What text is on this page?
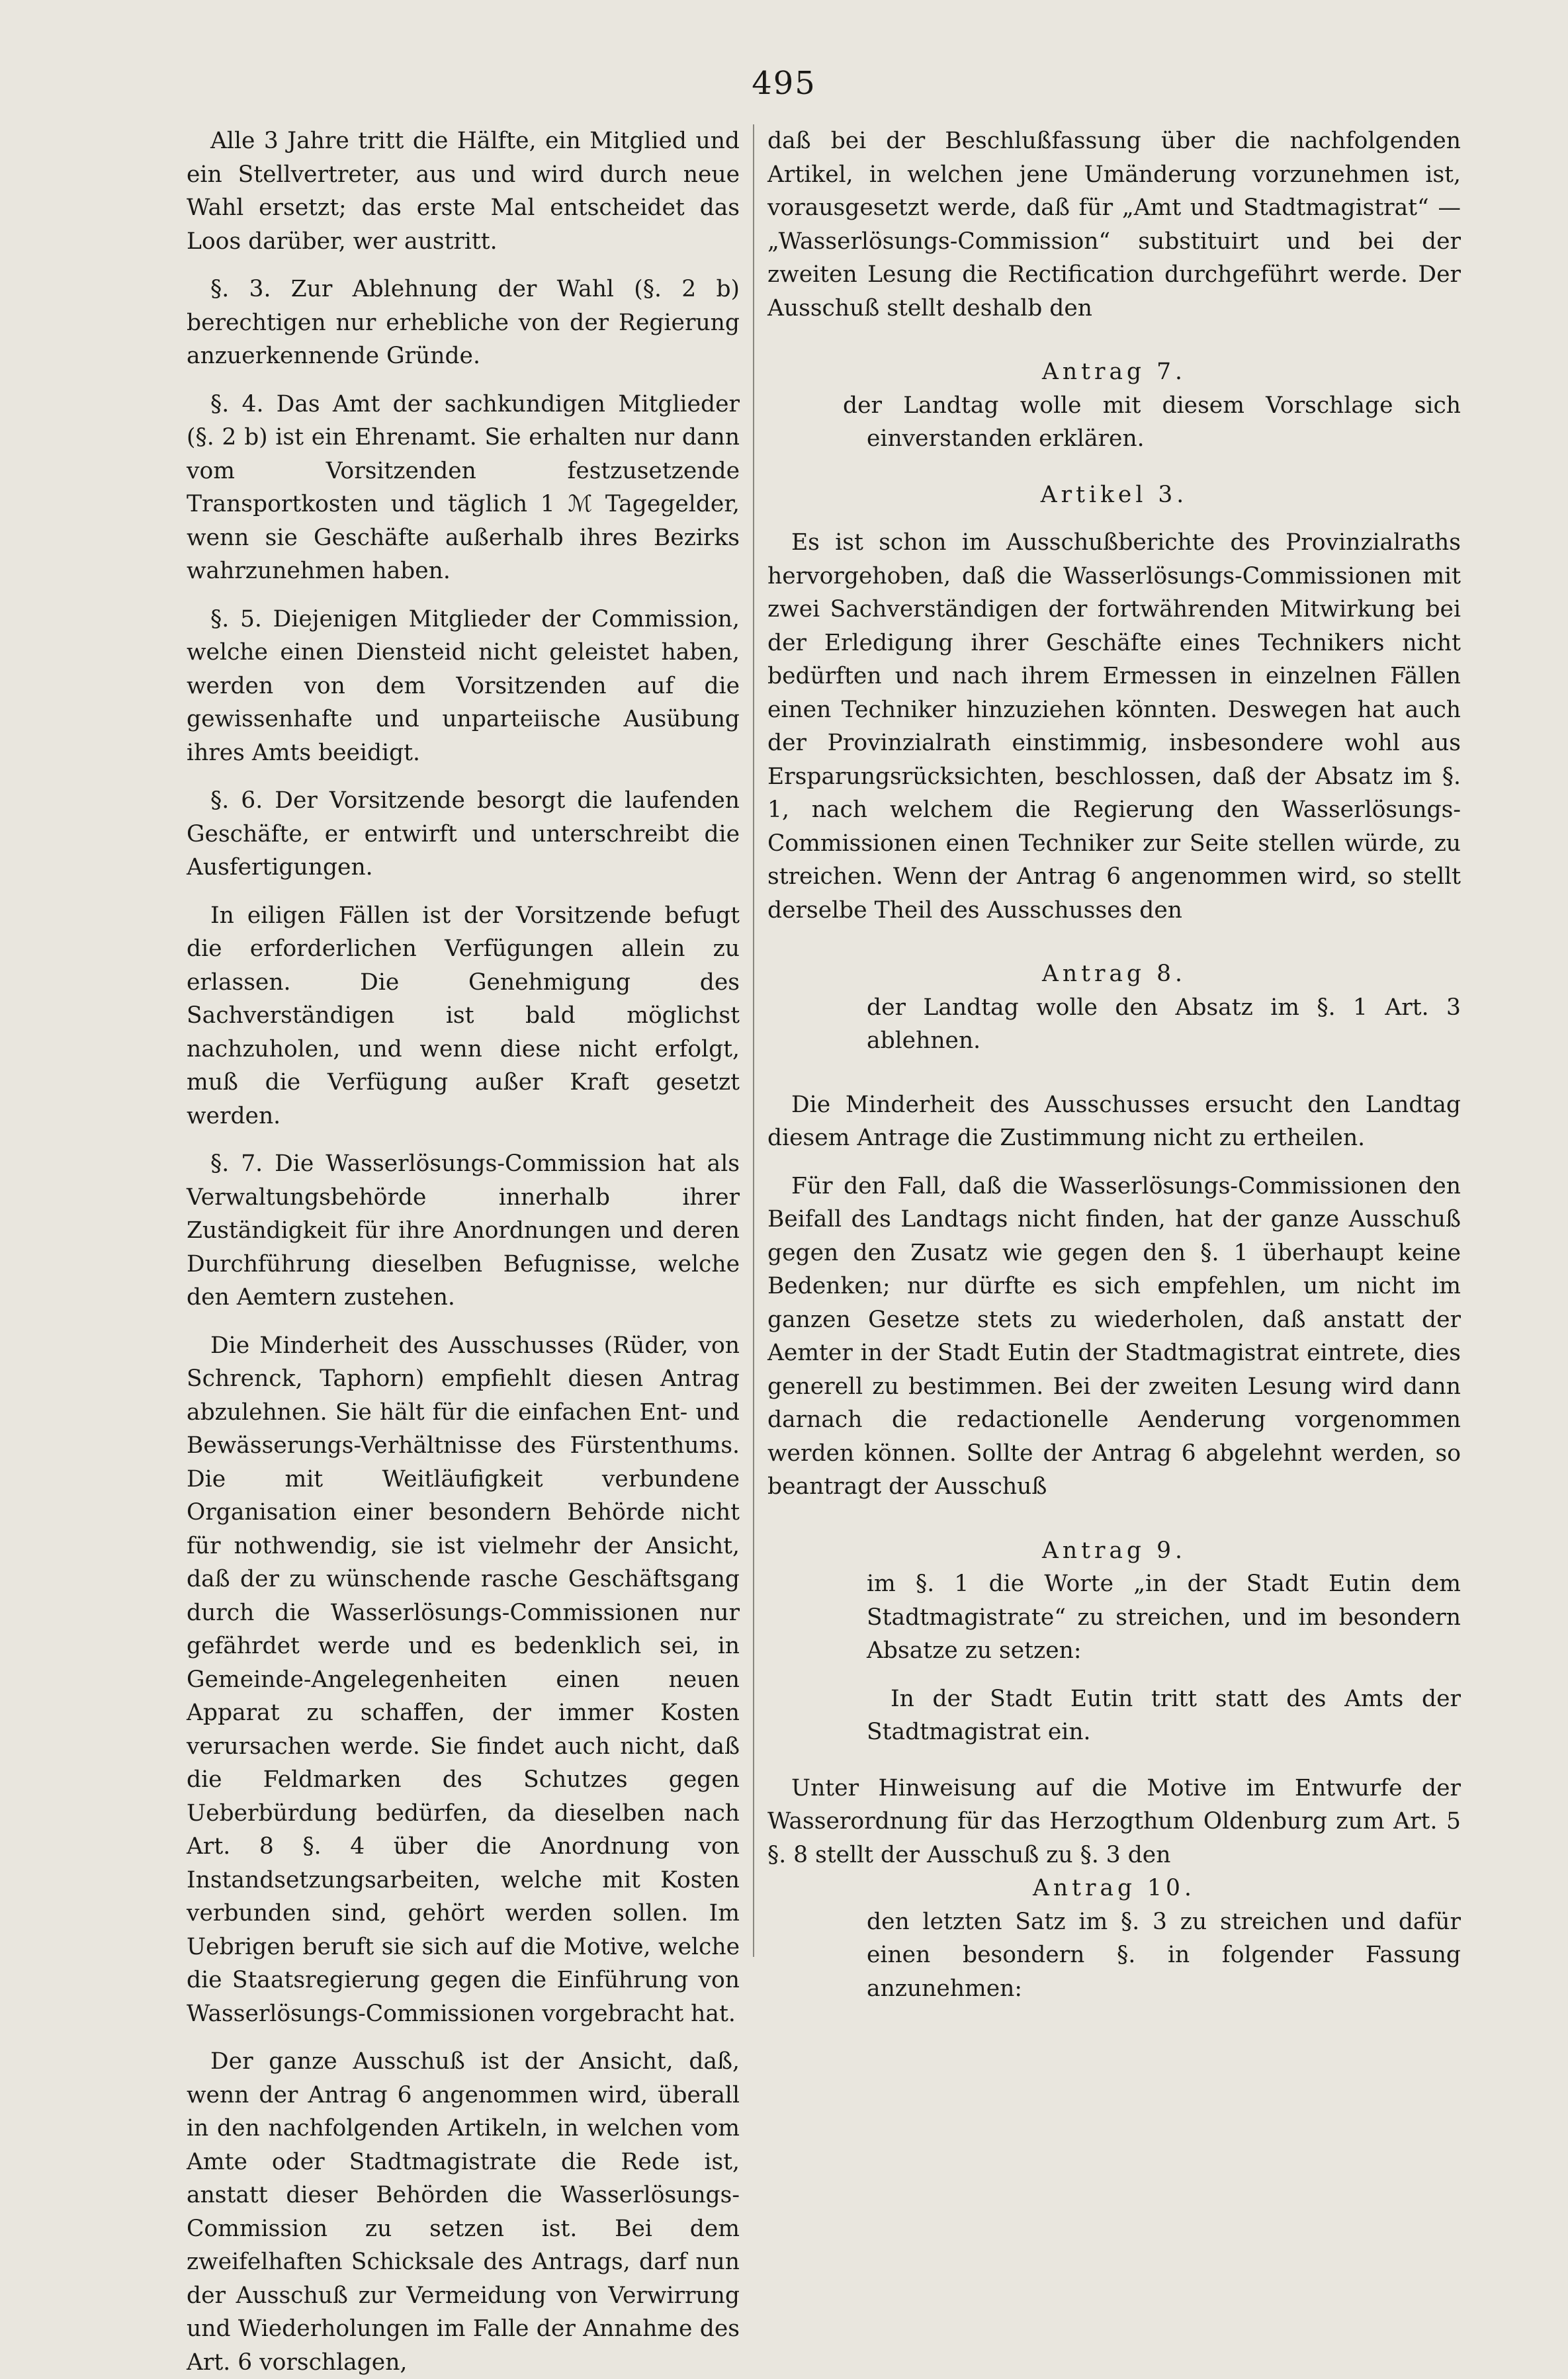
495

Alle 3 Jahre tritt die Hälfte, ein Mitglied und ein Stellvertreter, aus und wird durch neue Wahl ersetzt; das erste Mal entscheidet das Loos darüber, wer austritt.

§. 3. Zur Ablehnung der Wahl (§. 2 b) berechtigen nur erhebliche von der Regierung anzuerkennende Gründe.

§. 4. Das Amt der sachkundigen Mitglieder (§. 2 b) ist ein Ehrenamt. Sie erhalten nur dann vom Vorsitzenden festzusetzende Transportkosten und täglich 1 ℳ Tagegelder, wenn sie Geschäfte außerhalb ihres Bezirks wahrzunehmen haben.

§. 5. Diejenigen Mitglieder der Commission, welche einen Diensteid nicht geleistet haben, werden von dem Vorsitzenden auf die gewissenhafte und unparteiische Ausübung ihres Amts beeidigt.

§. 6. Der Vorsitzende besorgt die laufenden Geschäfte, er entwirft und unterschreibt die Ausfertigungen.

In eiligen Fällen ist der Vorsitzende befugt die erforderlichen Verfügungen allein zu erlassen. Die Genehmigung des Sachverständigen ist bald möglichst nachzuholen, und wenn diese nicht erfolgt, muß die Verfügung außer Kraft gesetzt werden.

§. 7. Die Wasserlösungs-Commission hat als Verwaltungsbehörde innerhalb ihrer Zuständigkeit für ihre Anordnungen und deren Durchführung dieselben Befugnisse, welche den Aemtern zustehen.

Die Minderheit des Ausschusses (Rüder, von Schrenck, Taphorn) empfiehlt diesen Antrag abzulehnen. Sie hält für die einfachen Ent- und Bewässerungs-Verhältnisse des Fürstenthums. Die mit Weitläufigkeit verbundene Organisation einer besondern Behörde nicht für nothwendig, sie ist vielmehr der Ansicht, daß der zu wünschende rasche Geschäftsgang durch die Wasserlösungs-Commissionen nur gefährdet werde und es bedenklich sei, in Gemeinde-Angelegenheiten einen neuen Apparat zu schaffen, der immer Kosten verursachen werde. Sie findet auch nicht, daß die Feldmarken des Schutzes gegen Ueberbürdung bedürfen, da dieselben nach Art. 8 §. 4 über die Anordnung von Instandsetzungsarbeiten, welche mit Kosten verbunden sind, gehört werden sollen. Im Uebrigen beruft sie sich auf die Motive, welche die Staatsregierung gegen die Einführung von Wasserlösungs-Commissionen vorgebracht hat.

Der ganze Ausschuß ist der Ansicht, daß, wenn der Antrag 6 angenommen wird, überall in den nachfolgenden Artikeln, in welchen vom Amte oder Stadtmagistrate die Rede ist, anstatt dieser Behörden die Wasserlösungs-Commission zu setzen ist. Bei dem zweifelhaften Schicksale des Antrags, darf nun der Ausschuß zur Vermeidung von Verwirrung und Wiederholungen im Falle der Annahme des Art. 6 vorschlagen,

daß bei der Beschlußfassung über die nachfolgenden Artikel, in welchen jene Umänderung vorzunehmen ist, vorausgesetzt werde, daß für „Amt und Stadtmagistrat“ — „Wasserlösungs-Commission“ substituirt und bei der zweiten Lesung die Rectification durchgeführt werde. Der Ausschuß stellt deshalb den

Antrag 7.

der Landtag wolle mit diesem Vorschlage sich einverstanden erklären.

Artikel 3.

Es ist schon im Ausschußberichte des Provinzialraths hervorgehoben, daß die Wasserlösungs-Commissionen mit zwei Sachverständigen der fortwährenden Mitwirkung bei der Erledigung ihrer Geschäfte eines Technikers nicht bedürften und nach ihrem Ermessen in einzelnen Fällen einen Techniker hinzuziehen könnten. Deswegen hat auch der Provinzialrath einstimmig, insbesondere wohl aus Ersparungsrücksichten, beschlossen, daß der Absatz im §. 1, nach welchem die Regierung den Wasserlösungs-Commissionen einen Techniker zur Seite stellen würde, zu streichen. Wenn der Antrag 6 angenommen wird, so stellt derselbe Theil des Ausschusses den

Antrag 8.

der Landtag wolle den Absatz im §. 1 Art. 3 ablehnen.

Die Minderheit des Ausschusses ersucht den Landtag diesem Antrage die Zustimmung nicht zu ertheilen.

Für den Fall, daß die Wasserlösungs-Commissionen den Beifall des Landtags nicht finden, hat der ganze Ausschuß gegen den Zusatz wie gegen den §. 1 überhaupt keine Bedenken; nur dürfte es sich empfehlen, um nicht im ganzen Gesetze stets zu wiederholen, daß anstatt der Aemter in der Stadt Eutin der Stadtmagistrat eintrete, dies generell zu bestimmen. Bei der zweiten Lesung wird dann darnach die redactionelle Aenderung vorgenommen werden können. Sollte der Antrag 6 abgelehnt werden, so beantragt der Ausschuß

Antrag 9.

im §. 1 die Worte „in der Stadt Eutin dem Stadtmagistrate“ zu streichen, und im besondern Absatze zu setzen:

In der Stadt Eutin tritt statt des Amts der Stadtmagistrat ein.

Unter Hinweisung auf die Motive im Entwurfe der Wasserordnung für das Herzogthum Oldenburg zum Art. 5 §. 8 stellt der Ausschuß zu §. 3 den

Antrag 10.

den letzten Satz im §. 3 zu streichen und dafür einen besondern §. in folgender Fassung anzunehmen:
